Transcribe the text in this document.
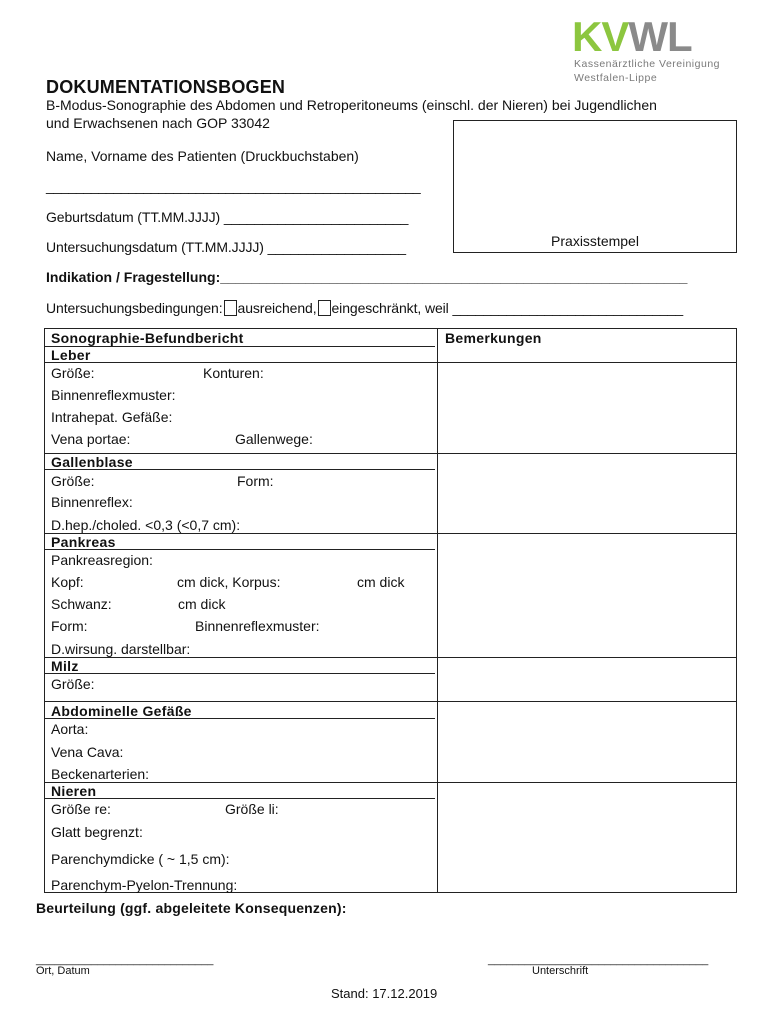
KVWL
Kassenärztliche Vereinigung
Westfalen-Lippe
DOKUMENTATIONSBOGEN
B-Modus-Sonographie des Abdomen und Retroperitoneums (einschl. der Nieren) bei Jugendlichen
und Erwachsenen nach GOP 33042
Name, Vorname des Patienten (Druckbuchstaben)
__________________________________________________
Geburtsdatum (TT.MM.JJJJ) ________________________
Untersuchungsdatum (TT.MM.JJJJ) __________________	Praxisstempel
Indikation / Fragestellung:____________________________________________________________
Untersuchungsbedingungen: ausreichend, eingeschränkt, weil ______________________________
Sonographie-Befundbericht	Bemerkungen
Leber
Größe:	Konturen:
Binnenreflexmuster:
Intrahepat. Gefäße:
Vena portae:	Gallenwege:
Gallenblase
Größe:	Form:
Binnenreflex:
D.hep./choled. <0,3 (<0,7 cm):
Pankreas
Pankreasregion:
Kopf:	cm dick, Korpus:	cm dick
Schwanz:	cm dick
Form:	Binnenreflexmuster:
D.wirsung. darstellbar:
Milz
Größe:
Abdominelle Gefäße
Aorta:
Vena Cava:
Beckenarterien:
Nieren
Größe re:	Größe li:
Glatt begrenzt:
Parenchymdicke ( ~ 1,5 cm):
Parenchym-Pyelon-Trennung:
Beurteilung (ggf. abgeleitete Konsequenzen):
_____________________________
Ort, Datum
____________________________________
Unterschrift
Stand: 17.12.2019
